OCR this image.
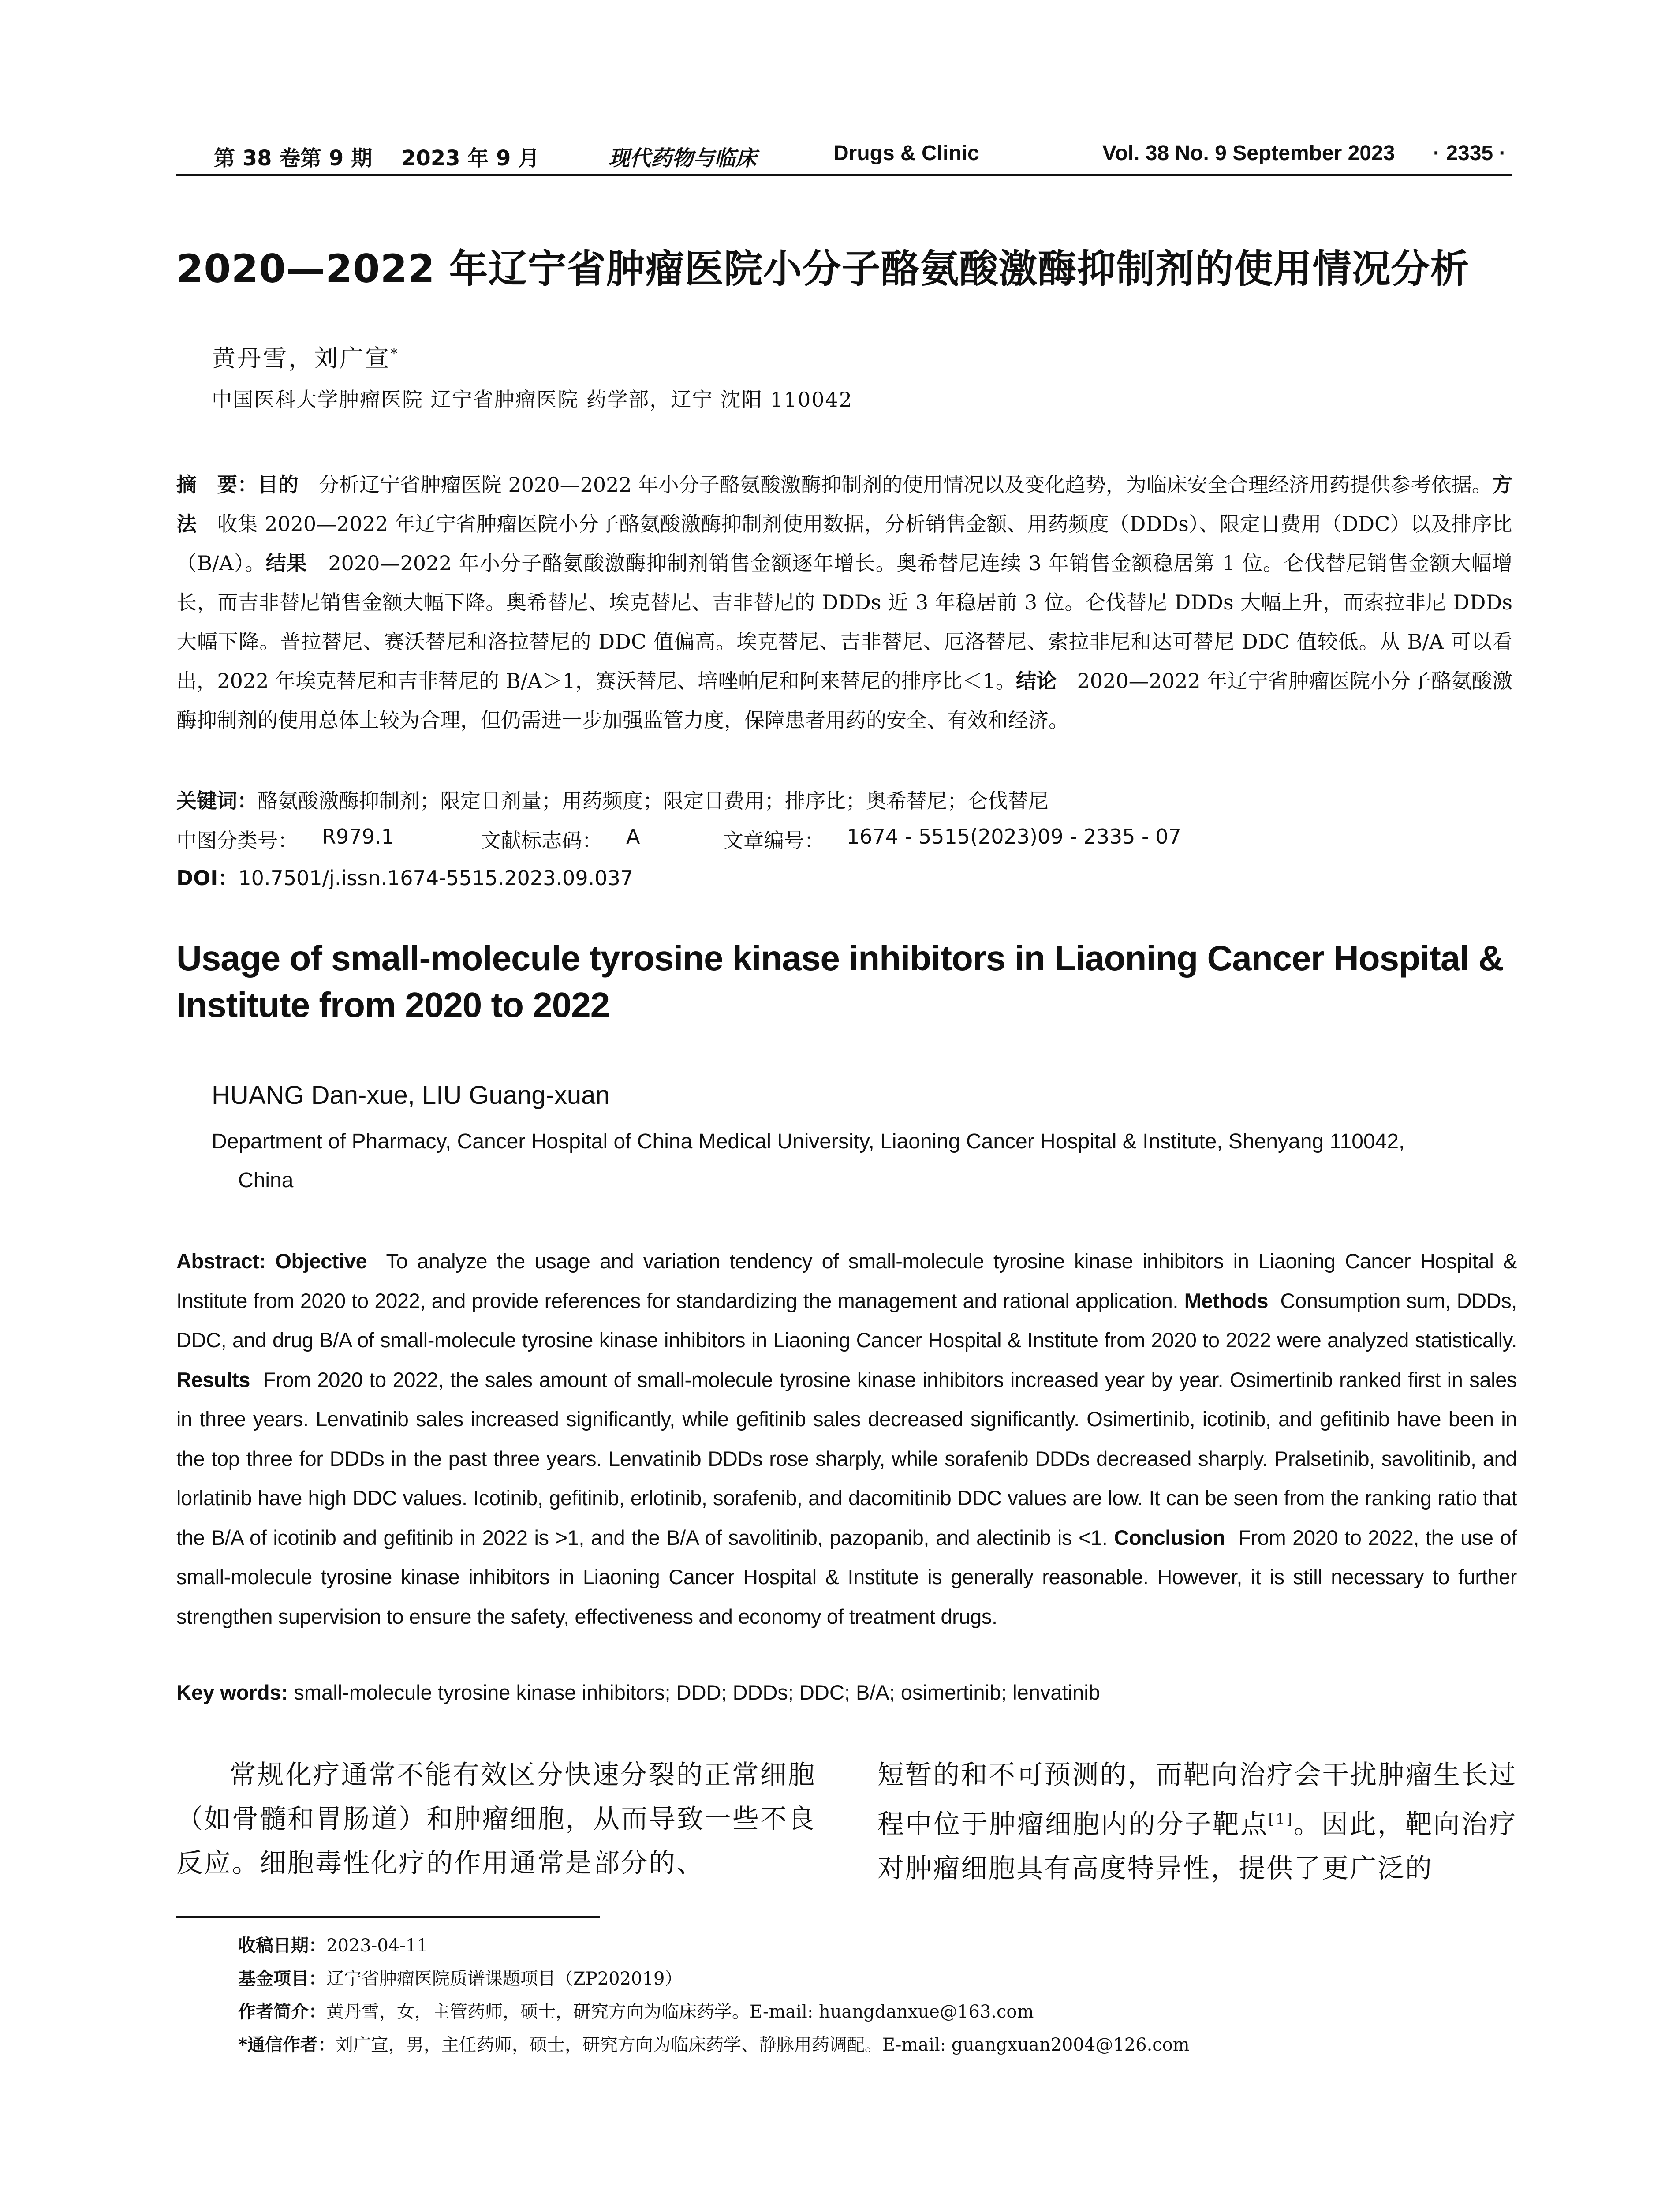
第 38 卷第 9 期 2023 年 9 月	现代药物与临床	Drugs & Clinic	Vol. 38 No. 9 September 2023 · 2335 ·
2020—2022 年辽宁省肿瘤医院小分子酪氨酸激酶抑制剂的使用情况分析
黄丹雪，刘广宣*
中国医科大学肿瘤医院 辽宁省肿瘤医院 药学部，辽宁 沈阳 110042
摘　要：目的　分析辽宁省肿瘤医院 2020—2022 年小分子酪氨酸激酶抑制剂的使用情况以及变化趋势，为临床安全合理经济用药提供参考依据。方法　收集 2020—2022 年辽宁省肿瘤医院小分子酪氨酸激酶抑制剂使用数据，分析销售金额、用药频度（DDDs）、限定日费用（DDC）以及排序比（B/A）。结果　2020—2022 年小分子酪氨酸激酶抑制剂销售金额逐年增长。奥希替尼连续 3 年销售金额稳居第 1 位。仑伐替尼销售金额大幅增长，而吉非替尼销售金额大幅下降。奥希替尼、埃克替尼、吉非替尼的 DDDs 近 3 年稳居前 3 位。仑伐替尼 DDDs 大幅上升，而索拉非尼 DDDs 大幅下降。普拉替尼、赛沃替尼和洛拉替尼的 DDC 值偏高。埃克替尼、吉非替尼、厄洛替尼、索拉非尼和达可替尼 DDC 值较低。从 B/A 可以看出，2022 年埃克替尼和吉非替尼的 B/A＞1，赛沃替尼、培唑帕尼和阿来替尼的排序比＜1。结论　2020—2022 年辽宁省肿瘤医院小分子酪氨酸激酶抑制剂的使用总体上较为合理，但仍需进一步加强监管力度，保障患者用药的安全、有效和经济。
关键词：酪氨酸激酶抑制剂；限定日剂量；用药频度；限定日费用；排序比；奥希替尼；仑伐替尼
中图分类号： R979.1	文献标志码： A	文章编号： 1674 - 5515(2023)09 - 2335 - 07
DOI：10.7501/j.issn.1674-5515.2023.09.037
Usage of small-molecule tyrosine kinase inhibitors in Liaoning Cancer Hospital & Institute from 2020 to 2022
HUANG Dan-xue, LIU Guang-xuan
Department of Pharmacy, Cancer Hospital of China Medical University, Liaoning Cancer Hospital & Institute, Shenyang 110042,
China
Abstract: Objective To analyze the usage and variation tendency of small-molecule tyrosine kinase inhibitors in Liaoning Cancer Hospital & Institute from 2020 to 2022, and provide references for standardizing the management and rational application. Methods Consumption sum, DDDs, DDC, and drug B/A of small-molecule tyrosine kinase inhibitors in Liaoning Cancer Hospital & Institute from 2020 to 2022 were analyzed statistically. Results From 2020 to 2022, the sales amount of small-molecule tyrosine kinase inhibitors increased year by year. Osimertinib ranked first in sales in three years. Lenvatinib sales increased significantly, while gefitinib sales decreased significantly. Osimertinib, icotinib, and gefitinib have been in the top three for DDDs in the past three years. Lenvatinib DDDs rose sharply, while sorafenib DDDs decreased sharply. Pralsetinib, savolitinib, and lorlatinib have high DDC values. Icotinib, gefitinib, erlotinib, sorafenib, and dacomitinib DDC values are low. It can be seen from the ranking ratio that the B/A of icotinib and gefitinib in 2022 is >1, and the B/A of savolitinib, pazopanib, and alectinib is <1. Conclusion From 2020 to 2022, the use of small-molecule tyrosine kinase inhibitors in Liaoning Cancer Hospital & Institute is generally reasonable. However, it is still necessary to further strengthen supervision to ensure the safety, effectiveness and economy of treatment drugs.
Key words: small-molecule tyrosine kinase inhibitors; DDD; DDDs; DDC; B/A; osimertinib; lenvatinib
常规化疗通常不能有效区分快速分裂的正常细胞（如骨髓和胃肠道）和肿瘤细胞，从而导致一些不良反应。细胞毒性化疗的作用通常是部分的、
短暂的和不可预测的，而靶向治疗会干扰肿瘤生长过程中位于肿瘤细胞内的分子靶点[1]。因此，靶向治疗对肿瘤细胞具有高度特异性，提供了更广泛的
收稿日期：2023-04-11
基金项目：辽宁省肿瘤医院质谱课题项目（ZP202019）
作者简介：黄丹雪，女，主管药师，硕士，研究方向为临床药学。E-mail: huangdanxue@163.com
*通信作者：刘广宣，男，主任药师，硕士，研究方向为临床药学、静脉用药调配。E-mail: guangxuan2004@126.com
